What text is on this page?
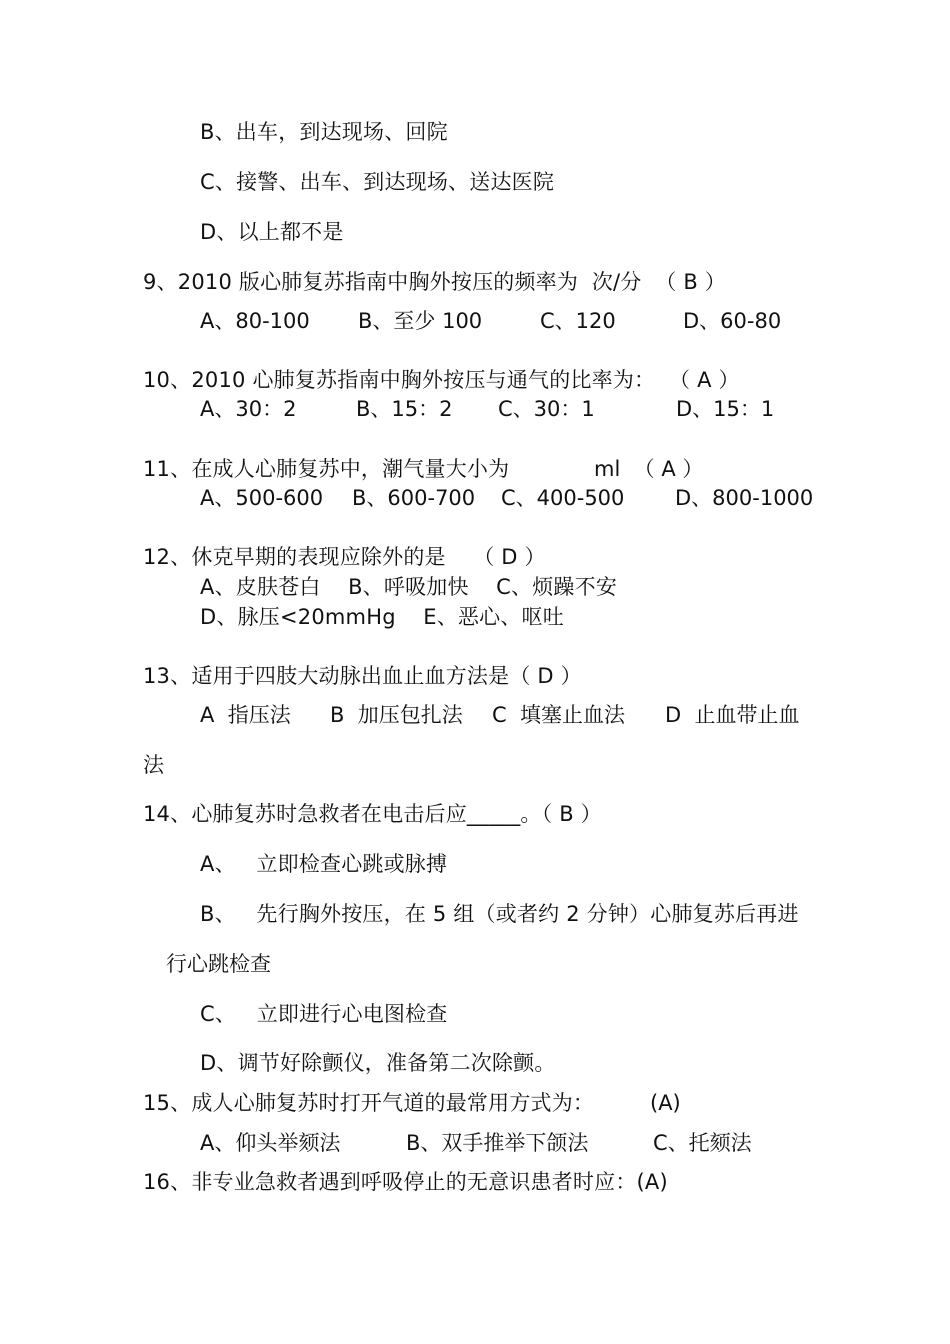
B、出车，到达现场、回院
C、接警、出车、到达现场、送达医院
D、以上都不是
9、2010 版心肺复苏指南中胸外按压的频率为  次/分  （ B ）
A、80-100 B、至少 100	C、120	D、60-80
10、2010 心肺复苏指南中胸外按压与通气的比率为：  （ A ）
A、30：2	B、15：2 C、30：1	D、15：1
11、在成人心肺复苏中，潮气量大小为	ml  （ A ）
A、500-600 B、600-700 C、400-500 D、800-1000
12、休克早期的表现应除外的是    （ D ）
A、皮肤苍白    B、呼吸加快    C、烦躁不安
D、脉压<20mmHg    E、恶心、呕吐
13、适用于四肢大动脉出血止血方法是（ D ）
A  指压法 B  加压包扎法 C  填塞止血法 D  止血带止血
法
14、心肺复苏时急救者在电击后应_____。（ B ）
A、   立即检查心跳或脉搏
B、   先行胸外按压，在 5 组（或者约 2 分钟）心肺复苏后再进
行心跳检查
C、   立即进行心电图检查
D、调节好除颤仪，准备第二次除颤。
15、成人心肺复苏时打开气道的最常用方式为：	(A)
A、仰头举颏法	B、双手推举下颌法	C、托颏法
16、非专业急救者遇到呼吸停止的无意识患者时应：(A)
